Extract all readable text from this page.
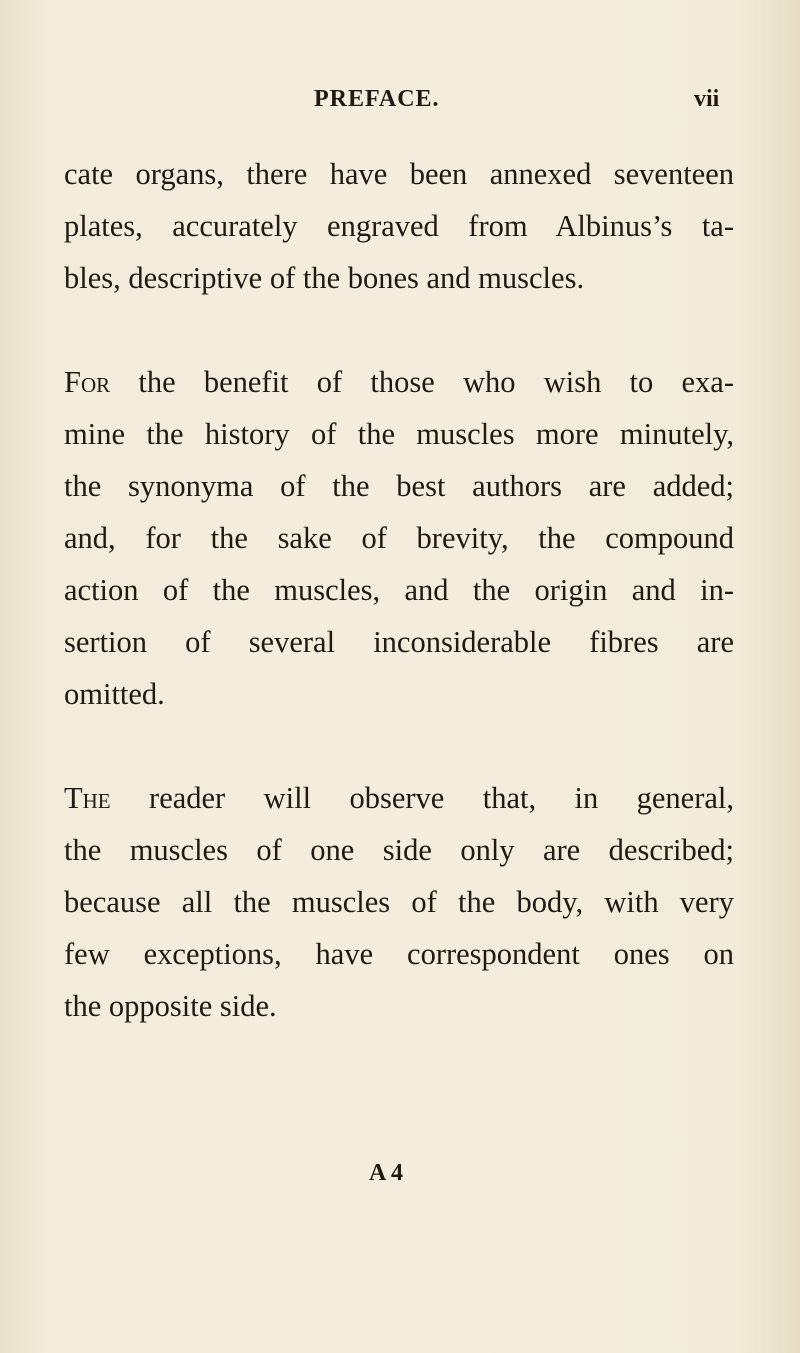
PREFACE.	vii
cate organs, there have been annexed seventeen
plates, accurately engraved from Albinus’s ta-
bles, descriptive of the bones and muscles.
For the benefit of those who wish to exa-
mine the history of the muscles more minutely,
the synonyma of the best authors are added;
and, for the sake of brevity, the compound
action of the muscles, and the origin and in-
sertion of several inconsiderable fibres are
omitted.
The reader will observe that, in general,
the muscles of one side only are described;
because all the muscles of the body, with very
few exceptions, have correspondent ones on
the opposite side.
A 4
